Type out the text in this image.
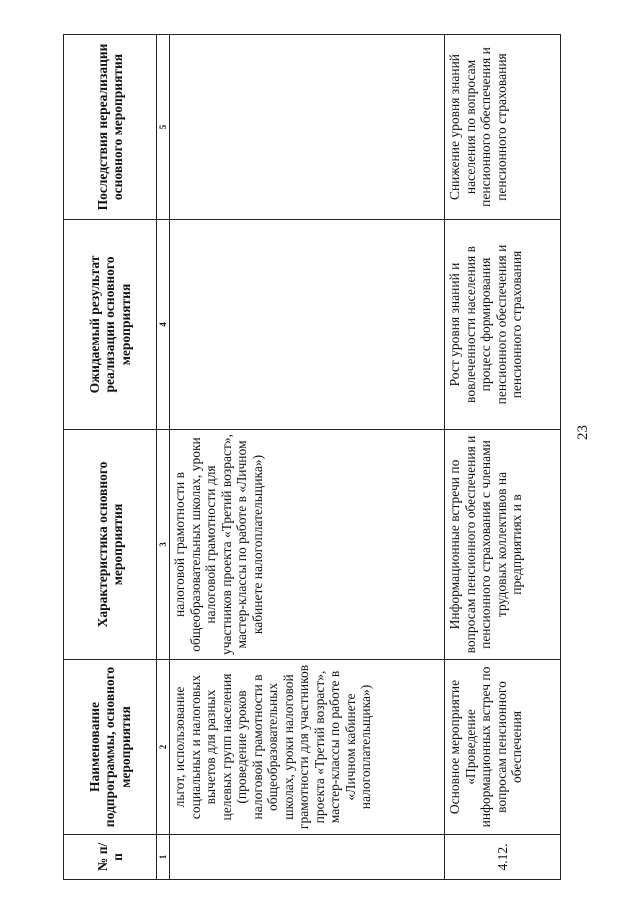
23
№ п/п	Наименование подпрограммы, основного мероприятия	Характеристика основного мероприятия	Ожидаемый результат реализации основного мероприятия	Последствия нереализации основного мероприятия
1	2	3	4	5
	льгот, использование социальных и налоговых вычетов для разных целевых групп населения (проведение уроков налоговой грамотности в общеобразовательных школах, уроки налоговой грамотности для участников проекта «Третий возраст», мастер-классы по работе в «Личном кабинете налогоплательщика»)	налоговой грамотности в общеобразовательных школах, уроки налоговой грамотности для участников проекта «Третий возраст», мастер-классы по работе в «Личном кабинете налогоплательщика»)		
4.12.	Основное мероприятие «Проведение информационных встреч по вопросам пенсионного обеспечения	Информационные встречи по вопросам пенсионного обеспечения и пенсионного страхования с членами трудовых коллективов на предприятиях и в	Рост уровня знаний и вовлеченности населения в процесс формирования пенсионного обеспечения и пенсионного страхования	Снижение уровня знаний населения по вопросам пенсионного обеспечения и пенсионного страхования
